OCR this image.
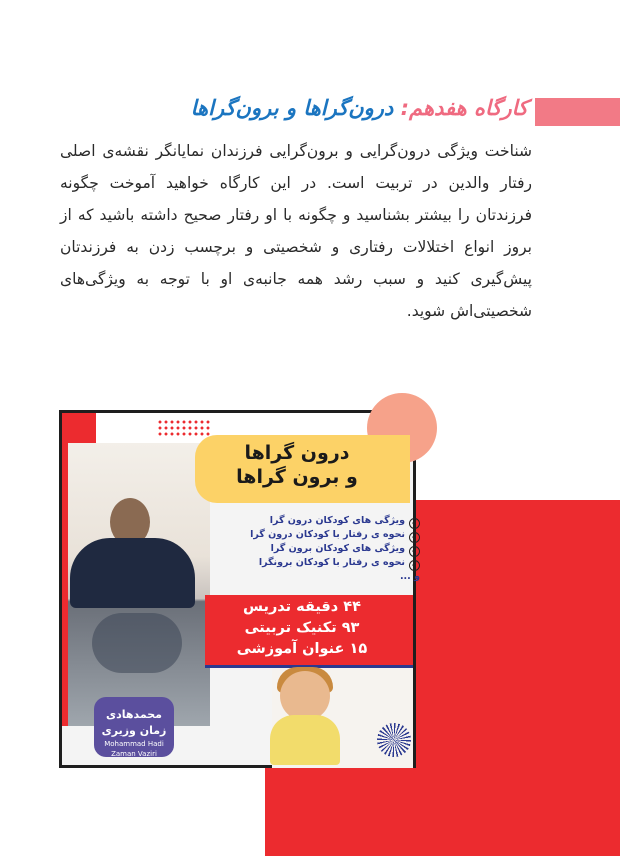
کارگاه هفدهم: درون‌گراها و برون‌گراها

شناخت ویژگی درون‌گرایی و برون‌گرایی فرزندان نمایانگر نقشه‌ی اصلی رفتار والدین در تربیت است. در این کارگاه خواهید آموخت چگونه فرزندتان را بیشتر بشناسید و چگونه با او رفتار صحیح داشته باشید که از بروز انواع اختلالات رفتاری و شخصیتی و برچسب زدن به فرزندتان پیش‌گیری کنید و سبب رشد همه جانبه‌ی او با توجه به ویژگی‌های شخصیتی‌اش شوید.

محمدهادی زمان وزیری
Mohammad Hadi Zaman Vaziri
درون گراها
و برون گراها
✓ویژگی های کودکان درون گرا
✓نحوه ی رفتار با کودکان درون گرا
✓ویژگی های کودکان برون گرا
✓نحوه ی رفتار با کودکان برونگرا
و ...
۴۴ دقیقه تدریس
۹۳ تکنیک تربیتی
۱۵ عنوان آموزشی
